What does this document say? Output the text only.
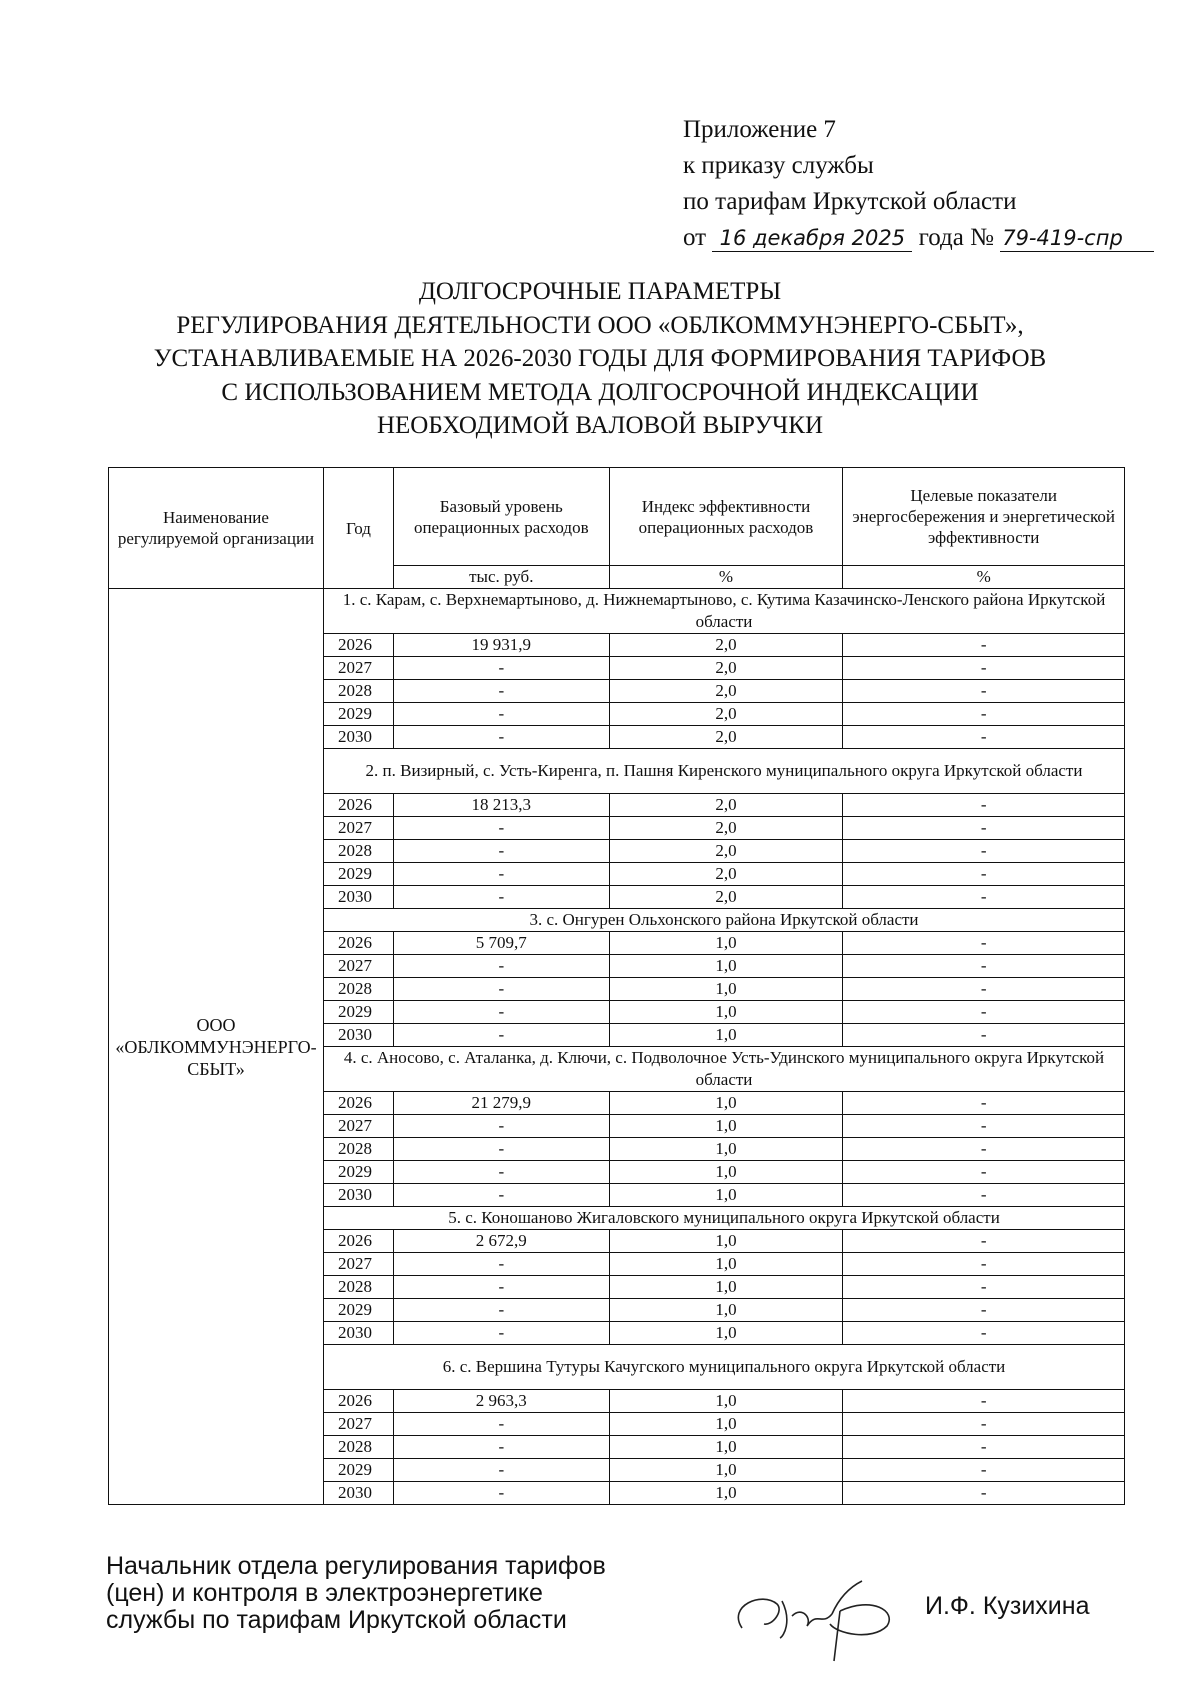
Приложение 7
к приказу службы
по тарифам Иркутской области
от 16 декабря 2025 года № 79-419-спр
ДОЛГОСРОЧНЫЕ ПАРАМЕТРЫ
РЕГУЛИРОВАНИЯ ДЕЯТЕЛЬНОСТИ ООО «ОБЛКОММУНЭНЕРГО-СБЫТ»,
УСТАНАВЛИВАЕМЫЕ НА 2026-2030 ГОДЫ ДЛЯ ФОРМИРОВАНИЯ ТАРИФОВ
С ИСПОЛЬЗОВАНИЕМ МЕТОДА ДОЛГОСРОЧНОЙ ИНДЕКСАЦИИ
НЕОБХОДИМОЙ ВАЛОВОЙ ВЫРУЧКИ
Наименование регулируемой организации	Год	Базовый уровень операционных расходов	Индекс эффективности операционных расходов	Целевые показатели энергосбережения и энергетической эффективности
		тыс. руб.	%	%

ООО
«ОБЛКОММУНЭНЕРГО-
СБЫТ»	1. с. Карам, с. Верхнемартыново, д. Нижнемартыново, с. Кутима Казачинско-Ленского района Иркутской области			
	2026	19 931,9	2,0	-
	2027	-	2,0	-
	2028	-	2,0	-
	2029	-	2,0	-
	2030	-	2,0	-
	2. п. Визирный, с. Усть-Киренга, п. Пашня Киренского муниципального округа Иркутской области			
	2026	18 213,3	2,0	-
	2027	-	2,0	-
	2028	-	2,0	-
	2029	-	2,0	-
	2030	-	2,0	-
	3. с. Онгурен Ольхонского района Иркутской области			
	2026	5 709,7	1,0	-
	2027	-	1,0	-
	2028	-	1,0	-
	2029	-	1,0	-
	2030	-	1,0	-
	4. с. Аносово, с. Аталанка, д. Ключи, с. Подволочное Усть-Удинского муниципального округа Иркутской области			
	2026	21 279,9	1,0	-
	2027	-	1,0	-
	2028	-	1,0	-
	2029	-	1,0	-
	2030	-	1,0	-
	5. с. Коношаново Жигаловского муниципального округа Иркутской области			
	2026	2 672,9	1,0	-
	2027	-	1,0	-
	2028	-	1,0	-
	2029	-	1,0	-
	2030	-	1,0	-
	6. с. Вершина Тутуры Качугского муниципального округа Иркутской области			
	2026	2 963,3	1,0	-
	2027	-	1,0	-
	2028	-	1,0	-
	2029	-	1,0	-
	2030	-	1,0	-
Начальник отдела регулирования тарифов
(цен) и контроля в электроэнергетике
службы по тарифам Иркутской области	И.Ф. Кузихина
